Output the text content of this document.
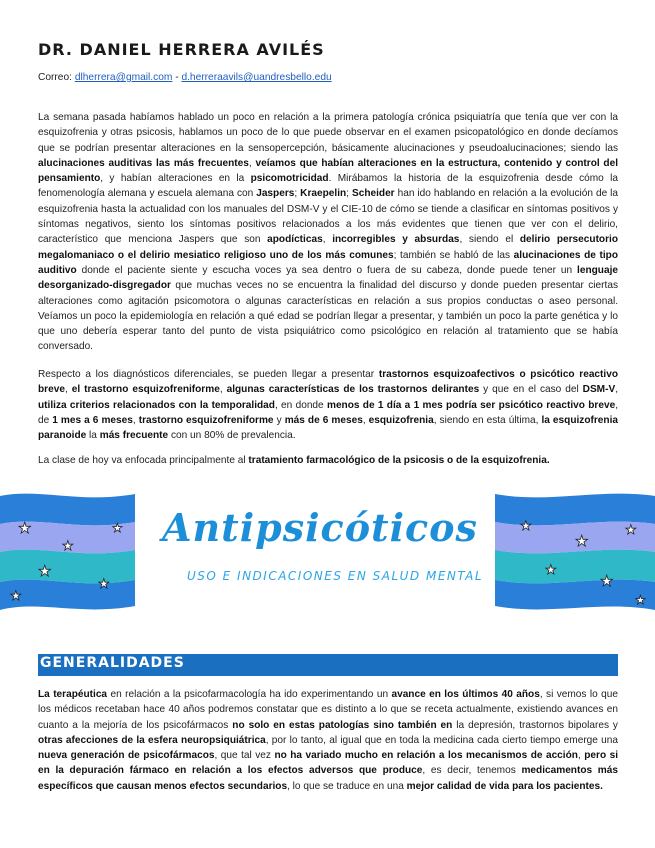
DR. DANIEL HERRERA AVILÉS
Correo: dlherrera@gmail.com - d.herreraavils@uandresbello.edu

La semana pasada habíamos hablado un poco en relación a la primera patología crónica psiquiatría que tenía que ver con la esquizofrenia y otras psicosis, hablamos un poco de lo que puede observar en el examen psicopatológico en donde decíamos que se podrían presentar alteraciones en la sensopercepción, básicamente alucinaciones y pseudoalucinaciones; siendo las alucinaciones auditivas las más frecuentes, veíamos que habían alteraciones en la estructura, contenido y control del pensamiento, y habían alteraciones en la psicomotricidad. Mirábamos la historia de la esquizofrenia desde cómo la fenomenología alemana y escuela alemana con Jaspers; Kraepelin; Scheider han ido hablando en relación a la evolución de la esquizofrenia hasta la actualidad con los manuales del DSM-V y el CIE-10 de cómo se tiende a clasificar en síntomas positivos y síntomas negativos, siento los síntomas positivos relacionados a los más evidentes que tienen que ver con el delirio, característico que menciona Jaspers que son apodícticas, incorregibles y absurdas, siendo el delirio persecutorio megalomaniaco o el delirio mesiatico religioso uno de los más comunes; también se habló de las alucinaciones de tipo auditivo donde el paciente siente y escucha voces ya sea dentro o fuera de su cabeza, donde puede tener un lenguaje desorganizado-disgregador que muchas veces no se encuentra la finalidad del discurso y donde pueden presentar ciertas alteraciones como agitación psicomotora o algunas características en relación a sus propios conductas o aseo personal. Veíamos un poco la epidemiología en relación a qué edad se podrían llegar a presentar, y también un poco la parte genética y lo que uno debería esperar tanto del punto de vista psiquiátrico como psicológico en relación al tratamiento que se había conversado.

Respecto a los diagnósticos diferenciales, se pueden llegar a presentar trastornos esquizoafectivos o psicótico reactivo breve, el trastorno esquizofreniforme, algunas características de los trastornos delirantes y que en el caso del DSM-V, utiliza criterios relacionados con la temporalidad, en donde menos de 1 día a 1 mes podría ser psicótico reactivo breve, de 1 mes a 6 meses, trastorno esquizofreniforme y más de 6 meses, esquizofrenia, siendo en esta última, la esquizofrenia paranoide la más frecuente con un 80% de prevalencia.

La clase de hoy va enfocada principalmente al tratamiento farmacológico de la psicosis o de la esquizofrenia.

★
★
★
★
★
★	★
★
★
★
★
★
Antipsicóticos
USO E INDICACIONES EN SALUD MENTAL
GENERALIDADES

La terapéutica en relación a la psicofarmacología ha ido experimentando un avance en los últimos 40 años, si vemos lo que los médicos recetaban hace 40 años podremos constatar que es distinto a lo que se receta actualmente, existiendo avances en cuanto a la mejoría de los psicofármacos no solo en estas patologías sino también en la depresión, trastornos bipolares y otras afecciones de la esfera neuropsiquiátrica, por lo tanto, al igual que en toda la medicina cada cierto tiempo emerge una nueva generación de psicofármacos, que tal vez no ha variado mucho en relación a los mecanismos de acción, pero si en la depuración fármaco en relación a los efectos adversos que produce, es decir, tenemos medicamentos más específicos que causan menos efectos secundarios, lo que se traduce en una mejor calidad de vida para los pacientes.
